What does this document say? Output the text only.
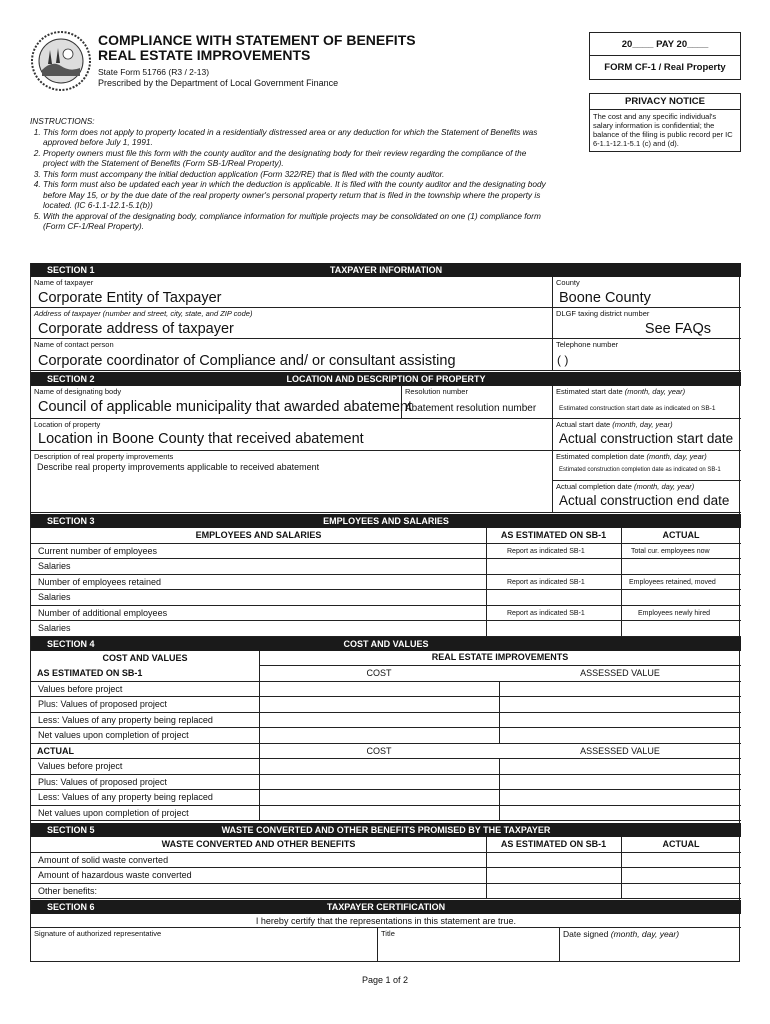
COMPLIANCE WITH STATEMENT OF BENEFITS
REAL ESTATE IMPROVEMENTS
State Form 51766 (R3 / 2-13)
Prescribed by the Department of Local Government Finance
20____ PAY 20____
FORM CF-1 / Real Property
PRIVACY NOTICE
The cost and any specific individual's salary information is confidential; the balance of the filing is public record per IC 6-1.1-12.1-5.1 (c) and (d).
INSTRUCTIONS:
1. This form does not apply to property located in a residentially distressed area or any deduction for which the Statement of Benefits was approved before July 1, 1991.
2. Property owners must file this form with the county auditor and the designating body for their review regarding the compliance of the project with the Statement of Benefits (Form SB-1/Real Property).
3. This form must accompany the initial deduction application (Form 322/RE) that is filed with the county auditor.
4. This form must also be updated each year in which the deduction is applicable. It is filed with the county auditor and the designating body before May 15, or by the due date of the real property owner's personal property return that is filed in the township where the property is located. (IC 6-1.1-12.1-5.1(b))
5. With the approval of the designating body, compliance information for multiple projects may be consolidated on one (1) compliance form (Form CF-1/Real Property).
TAXPAYER INFORMATION
SECTION 1
Name of taxpayer
Corporate Entity of Taxpayer
County
Boone County
Address of taxpayer (number and street, city, state, and ZIP code)
Corporate address of taxpayer
DLGF taxing district number
See FAQs
Name of contact person
Corporate coordinator of Compliance and/ or consultant assisting
Telephone number
( )
LOCATION AND DESCRIPTION OF PROPERTY
SECTION 2
Name of designating body
Council of applicable municipality that awarded abatement
Resolution number
Abatement resolution number
Estimated start date (month, day, year)
Estimated construction start date as indicated on SB-1
Location of property
Location in Boone County that received abatement
Actual start date (month, day, year)
Actual construction start date
Description of real property improvements
Describe real property improvements applicable to received abatement
Estimated completion date (month, day, year)
Estimated construction completion date as indicated on SB-1
Actual completion date (month, day, year)
Actual construction end date
EMPLOYEES AND SALARIES
SECTION 3
EMPLOYEES AND SALARIES	AS ESTIMATED ON SB-1	ACTUAL
Current number of employees	Report as indicated SB-1	Total cur. employees now
Salaries
Number of employees retained	Report as indicated SB-1	Employees retained, moved
Salaries
Number of additional employees	Report as indicated SB-1	Employees newly hired
Salaries
COST AND VALUES
SECTION 4
COST AND VALUES	REAL ESTATE IMPROVEMENTS
AS ESTIMATED ON SB-1	COST	ASSESSED VALUE
Values before project
Plus: Values of proposed project
Less: Values of any property being replaced
Net values upon completion of project
ACTUAL	COST	ASSESSED VALUE
Values before project
Plus: Values of proposed project
Less: Values of any property being replaced
Net values upon completion of project
WASTE CONVERTED AND OTHER BENEFITS PROMISED BY THE TAXPAYER
SECTION 5
WASTE CONVERTED AND OTHER BENEFITS	AS ESTIMATED ON SB-1	ACTUAL
Amount of solid waste converted
Amount of hazardous waste converted
Other benefits:
TAXPAYER CERTIFICATION
SECTION 6
I hereby certify that the representations in this statement are true.
Signature of authorized representative	Title	Date signed (month, day, year)
Page 1 of 2
